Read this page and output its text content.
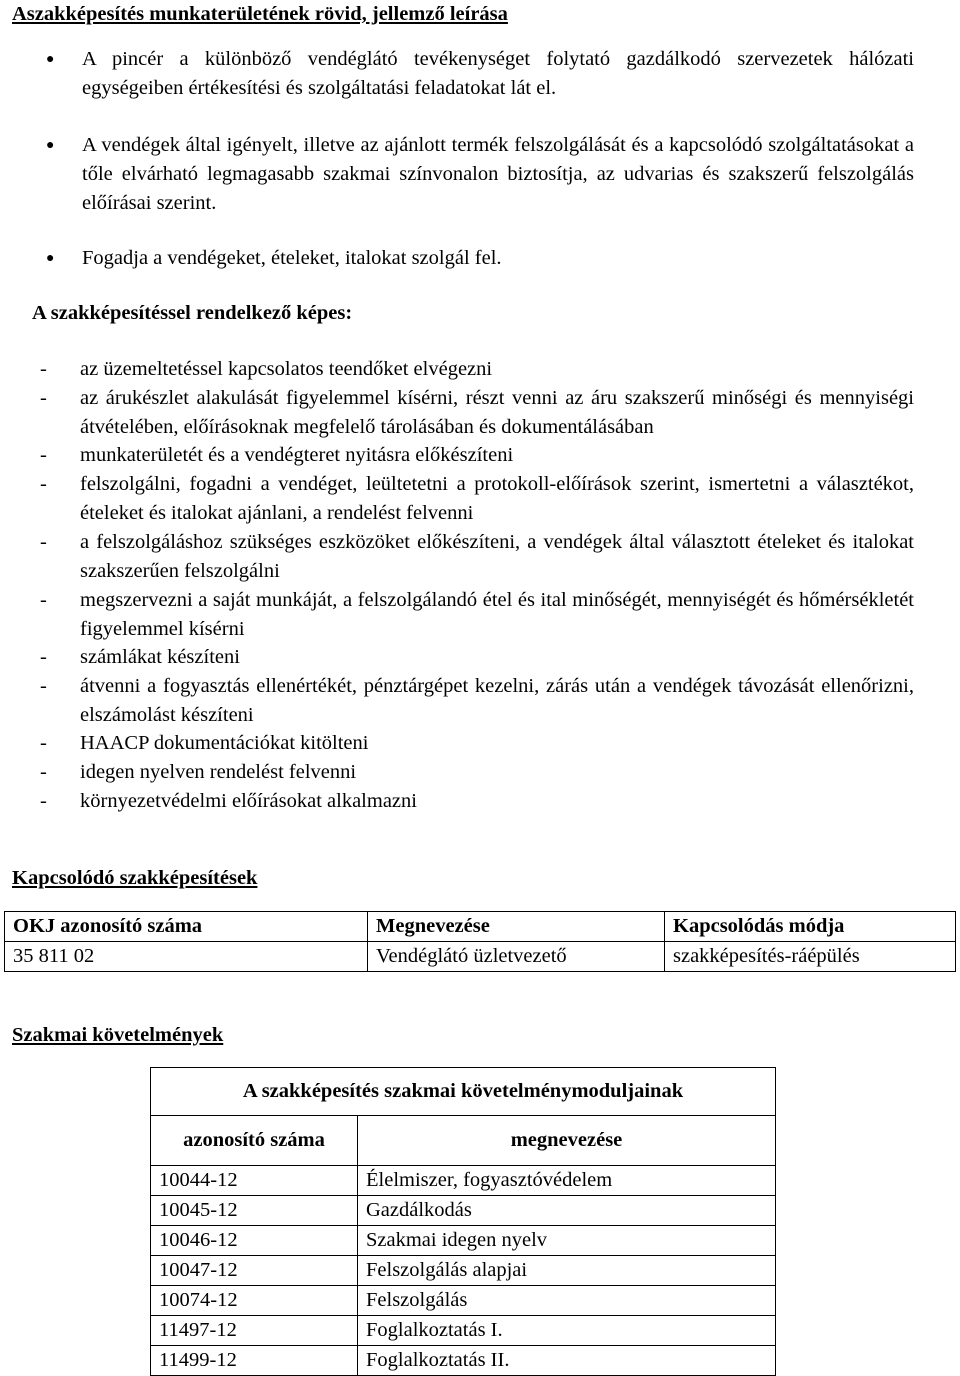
Aszakképesítés munkaterületének rövid, jellemző leírása
● A pincér a különböző vendéglátó tevékenységet folytató gazdálkodó szervezetek hálózati egységeiben értékesítési és szolgáltatási feladatokat lát el.
● A vendégek által igényelt, illetve az ajánlott termék felszolgálását és a kapcsolódó szolgáltatásokat a tőle elvárható legmagasabb szakmai színvonalon biztosítja, az udvarias és szakszerű felszolgálás előírásai szerint.
● Fogadja a vendégeket, ételeket, italokat szolgál fel.
A szakképesítéssel rendelkező képes:
- az üzemeltetéssel kapcsolatos teendőket elvégezni
- az árukészlet alakulását figyelemmel kísérni, részt venni az áru szakszerű minőségi és mennyiségi átvételében, előírásoknak megfelelő tárolásában és dokumentálásában
- munkaterületét és a vendégteret nyitásra előkészíteni
- felszolgálni, fogadni a vendéget, leültetetni a protokoll-előírások szerint, ismertetni a választékot, ételeket és italokat ajánlani, a rendelést felvenni
- a felszolgáláshoz szükséges eszközöket előkészíteni, a vendégek által választott ételeket és italokat szakszerűen felszolgálni
- megszervezni a saját munkáját, a felszolgálandó étel és ital minőségét, mennyiségét és hőmérsékletét figyelemmel kísérni
- számlákat készíteni
- átvenni a fogyasztás ellenértékét, pénztárgépet kezelni, zárás után a vendégek távozását ellenőrizni, elszámolást készíteni
- HAACP dokumentációkat kitölteni
- idegen nyelven rendelést felvenni
- környezetvédelmi előírásokat alkalmazni
Kapcsolódó szakképesítések
OKJ azonosító száma	Megnevezése	Kapcsolódás módja
35 811 02	Vendéglátó üzletvezető	szakképesítés-ráépülés
Szakmai követelmények
A szakképesítés szakmai követelménymoduljainak	
azonosító száma	megnevezése
10044-12	Élelmiszer, fogyasztóvédelem
10045-12	Gazdálkodás
10046-12	Szakmai idegen nyelv
10047-12	Felszolgálás alapjai
10074-12	Felszolgálás
11497-12	Foglalkoztatás I.
11499-12	Foglalkoztatás II.
